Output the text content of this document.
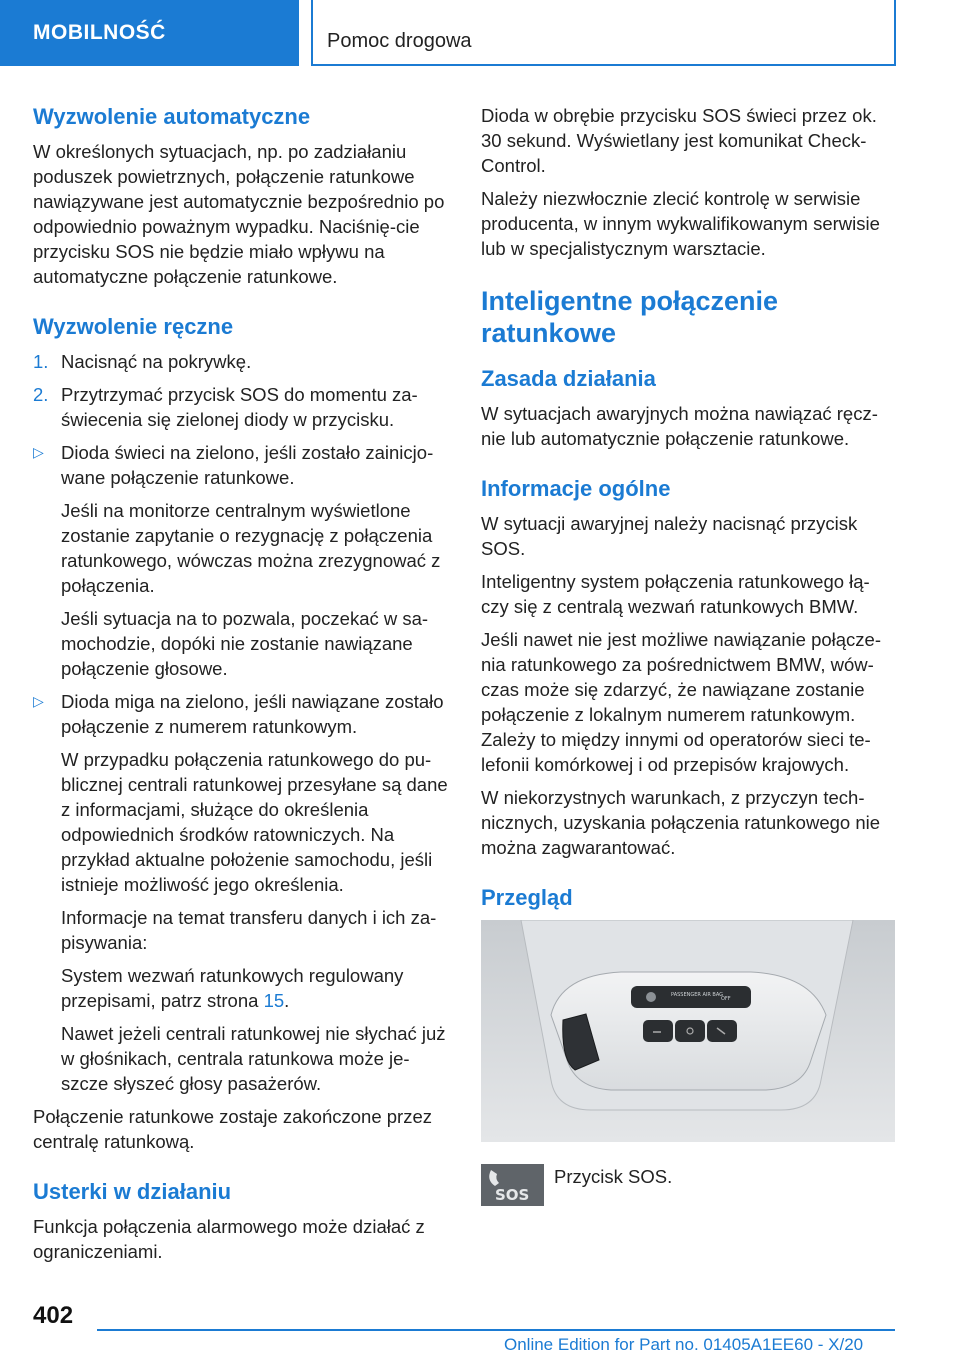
MOBILNOŚĆ	Pomoc drogowa
Wyzwolenie automatyczne

W określonych sytuacjach, np. po zadziałaniu poduszek powietrznych, połączenie ratunkowe nawiązywane jest automatycznie bezpośrednio po odpowiednio poważnym wypadku. Naciśnię‐cie przycisku SOS nie będzie miało wpływu na automatyczne połączenie ratunkowe.

Wyzwolenie ręczne
1. Nacisnąć na pokrywkę.
2. Przytrzymać przycisk SOS do momentu za‐świecenia się zielonej diody w przycisku.
▷ Dioda świeci na zielono, jeśli zostało zainicjo‐wane połączenie ratunkowe.
Jeśli na monitorze centralnym wyświetlone zostanie zapytanie o rezygnację z połączenia ratunkowego, wówczas można zrezygnować z połączenia.
Jeśli sytuacja na to pozwala, poczekać w sa‐mochodzie, dopóki nie zostanie nawiązane połączenie głosowe.
▷ Dioda miga na zielono, jeśli nawiązane zostało połączenie z numerem ratunkowym.
W przypadku połączenia ratunkowego do pu‐blicznej centrali ratunkowej przesyłane są dane z informacjami, służące do określenia odpowiednich środków ratowniczych. Na przykład aktualne położenie samochodu, jeśli istnieje możliwość jego określenia.
Informacje na temat transferu danych i ich za‐pisywania:
System wezwań ratunkowych regulowany przepisami, patrz strona 15.
Nawet jeżeli centrali ratunkowej nie słychać już w głośnikach, centrala ratunkowa może je‐szcze słyszeć głosy pasażerów.

Połączenie ratunkowe zostaje zakończone przez centralę ratunkową.

Usterki w działaniu

Funkcja połączenia alarmowego może działać z ograniczeniami.

Dioda w obrębie przycisku SOS świeci przez ok. 30 sekund. Wyświetlany jest komunikat Check-Control.

Należy niezwłocznie zlecić kontrolę w serwisie producenta, w innym wykwalifikowanym serwisie lub w specjalistycznym warsztacie.

Inteligentne połączenie ratunkowe
Zasada działania

W sytuacjach awaryjnych można nawiązać ręcz‐nie lub automatycznie połączenie ratunkowe.

Informacje ogólne

W sytuacji awaryjnej należy nacisnąć przycisk SOS.

Inteligentny system połączenia ratunkowego łą‐czy się z centralą wezwań ratunkowych BMW.

Jeśli nawet nie jest możliwe nawiązanie połącze‐nia ratunkowego za pośrednictwem BMW, wów‐czas może się zdarzyć, że nawiązane zostanie połączenie z lokalnym numerem ratunkowym. Zależy to między innymi od operatorów sieci te‐lefonii komórkowej i od przepisów krajowych.

W niekorzystnych warunkach, z przyczyn tech‐nicznych, uzyskania połączenia ratunkowego nie można zagwarantować.

Przegląd
PASSENGER AIR BAG
OFF
SOS
Przycisk SOS.
402
Online Edition for Part no. 01405A1EE60 - X/20
